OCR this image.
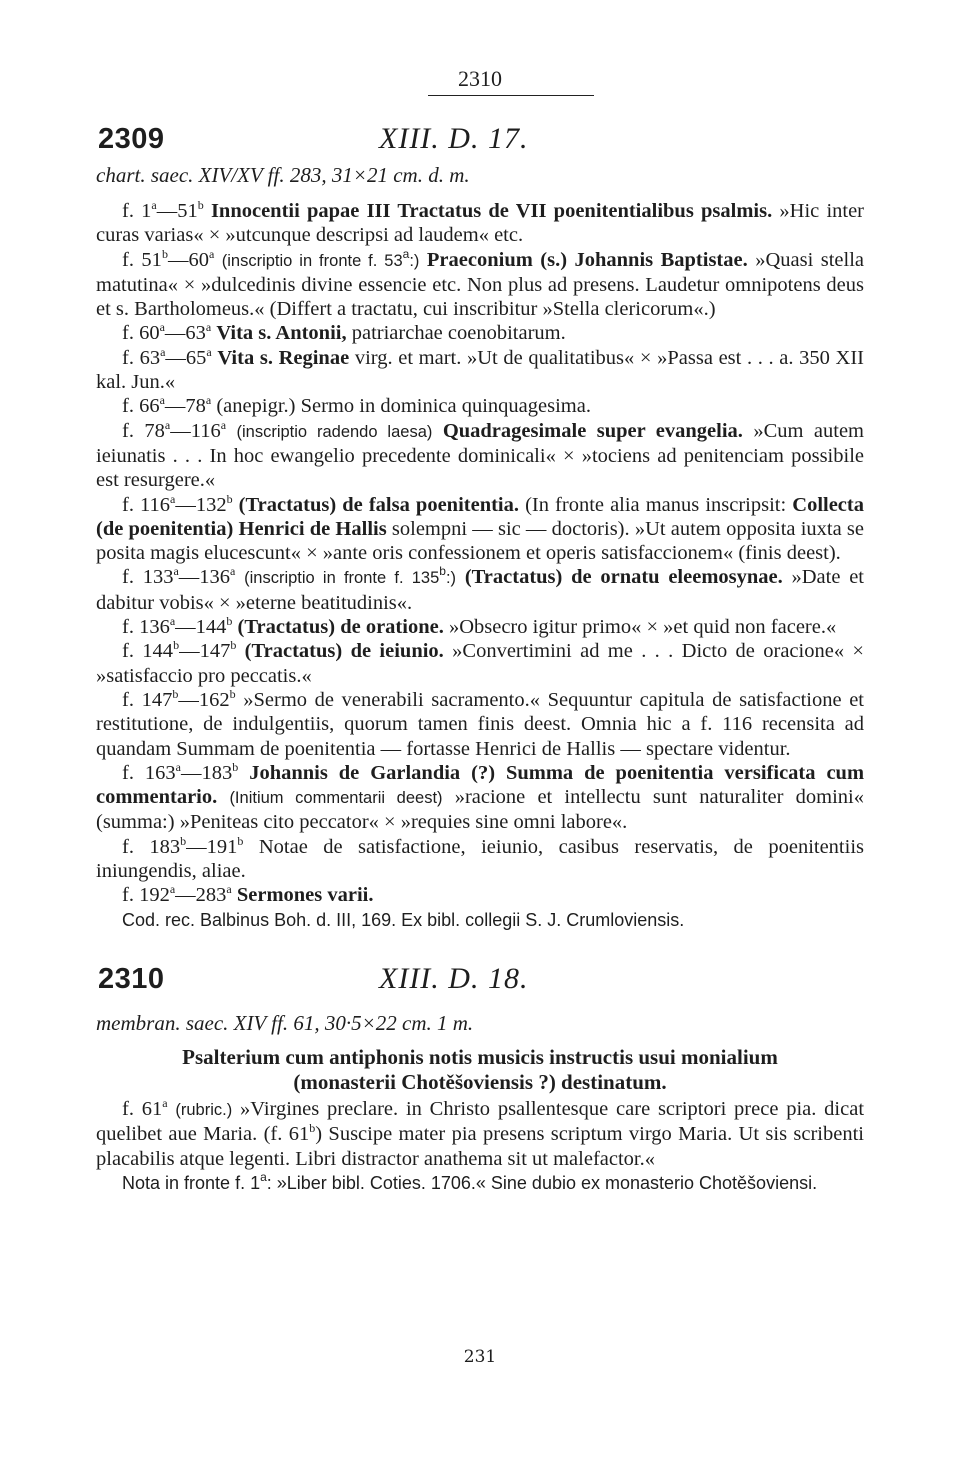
2310
2309	XIII. D. 17.
chart. saec. XIV/XV ff. 283, 31×21 cm. d. m.

f. 1$^a$—51$^b$ Innocentii papae III Tractatus de VII poenitentialibus psalmis. »Hic inter curas varias« × »utcunque descripsi ad laudem« etc.

f. 51$^b$—60$^a$ (inscriptio in fronte f. 53$^a$:) Praeconium (s.) Johannis Baptistae. »Quasi stella matutina« × »dulcedinis divine essencie etc. Non plus ad presens. Laudetur omnipotens deus et s. Bartholomeus.« (Differt a tractatu, cui inscribitur »Stella clericorum«.)

f. 60$^a$—63$^a$ Vita s. Antonii, patriarchae coenobitarum.

f. 63$^a$—65$^a$ Vita s. Reginae virg. et mart. »Ut de qualitatibus« × »Passa est . . . a. 350 XII kal. Jun.«

f. 66$^a$—78$^a$ (anepigr.) Sermo in dominica quinquagesima.

f. 78$^a$—116$^a$ (inscriptio radendo laesa) Quadragesimale super evangelia. »Cum autem ieiunatis . . . In hoc ewangelio precedente dominicali« × »tociens ad penitenciam possibile est resurgere.«

f. 116$^a$—132$^b$ (Tractatus) de falsa poenitentia. (In fronte alia manus inscripsit: Collecta (de poenitentia) Henrici de Hallis solempni — sic — doctoris). »Ut autem opposita iuxta se posita magis elucescunt« × »ante oris confessionem et operis satisfaccionem« (finis deest).

f. 133$^a$—136$^a$ (inscriptio in fronte f. 135$^b$:) (Tractatus) de ornatu eleemosynae. »Date et dabitur vobis« × »eterne beatitudinis«.

f. 136$^a$—144$^b$ (Tractatus) de oratione. »Obsecro igitur primo« × »et quid non facere.«

f. 144$^b$—147$^b$ (Tractatus) de ieiunio. »Convertimini ad me . . . Dicto de oracione« × »satisfaccio pro peccatis.«

f. 147$^b$—162$^b$ »Sermo de venerabili sacramento.« Sequuntur capitula de satisfactione et restitutione, de indulgentiis, quorum tamen finis deest. Omnia hic a f. 116 recensita ad quandam Summam de poenitentia — fortasse Henrici de Hallis — spectare videntur.

f. 163$^a$—183$^b$ Johannis de Garlandia (?) Summa de poenitentia versificata cum commentario. (Initium commentarii deest) »racione et intellectu sunt naturaliter domini« (summa:) »Peniteas cito peccator« × »requies sine omni labore«.

f. 183$^b$—191$^b$ Notae de satisfactione, ieiunio, casibus reservatis, de poenitentiis iniungendis, aliae.

f. 192$^a$—283$^a$ Sermones varii.

Cod. rec. Balbinus Boh. d. III, 169. Ex bibl. collegii S. J. Crumloviensis.

2310	XIII. D. 18.
membran. saec. XIV ff. 61, 30·5×22 cm. 1 m.
Psalterium cum antiphonis notis musicis instructis usui monialium
(monasterii Chotěšoviensis ?) destinatum.

f. 61$^a$ (rubric.) »Virgines preclare. in Christo psallentesque care scriptori prece pia. dicat quelibet aue Maria. (f. 61$^b$) Suscipe mater pia presens scriptum virgo Maria. Ut sis scribenti placabilis atque legenti. Libri distractor anathema sit ut malefactor.«

Nota in fronte f. 1$^a$: »Liber bibl. Coties. 1706.« Sine dubio ex monasterio Chotěšoviensi.

231
